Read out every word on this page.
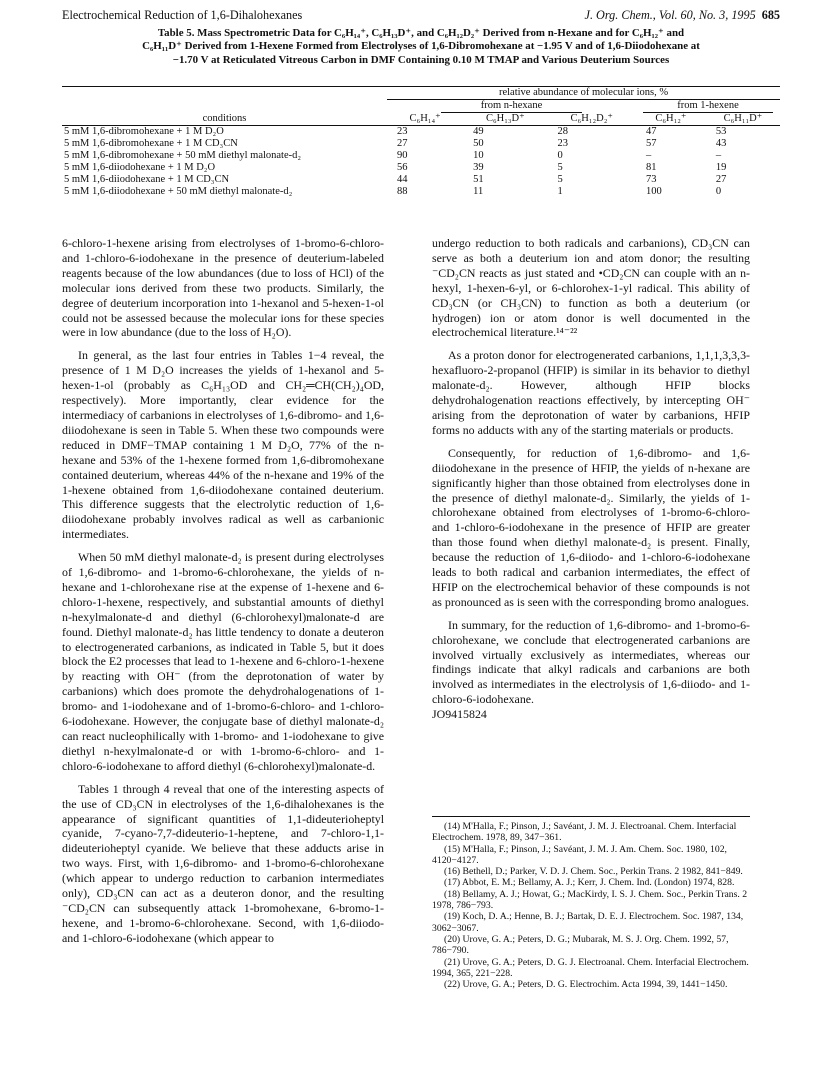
Electrochemical Reduction of 1,6-Dihalohexanes	J. Org. Chem., Vol. 60, No. 3, 1995 685
Table 5. Mass Spectrometric Data for C₆H₁₄⁺, C₆H₁₃D⁺, and C₆H₁₂D₂⁺ Derived from n-Hexane and for C₆H₁₂⁺ and
C₆H₁₁D⁺ Derived from 1-Hexene Formed from Electrolyses of 1,6-Dibromohexane at −1.95 V and of 1,6-Diiodohexane at
−1.70 V at Reticulated Vitreous Carbon in DMF Containing 0.10 M TMAP and Various Deuterium Sources
	relative abundance of molecular ions, %				
	from n-hexane			from 1-hexene	
conditions	C₆H₁₄⁺	C₆H₁₃D⁺	C₆H₁₂D₂⁺	C₆H₁₂⁺	C₆H₁₁D⁺
5 mM 1,6-dibromohexane + 1 M D₂O	23	49	28	47	53
5 mM 1,6-dibromohexane + 1 M CD₃CN	27	50	23	57	43
5 mM 1,6-dibromohexane + 50 mM diethyl malonate-d₂	90	10	0	–	–
5 mM 1,6-diiodohexane + 1 M D₂O	56	39	5	81	19
5 mM 1,6-diiodohexane + 1 M CD₃CN	44	51	5	73	27
5 mM 1,6-diiodohexane + 50 mM diethyl malonate-d₂	88	11	1	100	0

6-chloro-1-hexene arising from electrolyses of 1-bromo-6-chloro- and 1-chloro-6-iodohexane in the presence of deuterium-labeled reagents because of the low abundances (due to loss of HCl) of the molecular ions derived from these two products. Similarly, the degree of deuterium incorporation into 1-hexanol and 5-hexen-1-ol could not be assessed because the molecular ions for these species were in low abundance (due to the loss of H₂O).

In general, as the last four entries in Tables 1−4 reveal, the presence of 1 M D₂O increases the yields of 1-hexanol and 5-hexen-1-ol (probably as C₆H₁₃OD and CH₂═CH(CH₂)₄OD, respectively). More importantly, clear evidence for the intermediacy of carbanions in electrolyses of 1,6-dibromo- and 1,6-diiodohexane is seen in Table 5. When these two compounds were reduced in DMF−TMAP containing 1 M D₂O, 77% of the n-hexane and 53% of the 1-hexene formed from 1,6-dibromohexane contained deuterium, whereas 44% of the n-hexane and 19% of the 1-hexene obtained from 1,6-diiodohexane contained deuterium. This difference suggests that the electrolytic reduction of 1,6-diiodohexane probably involves radical as well as carbanionic intermediates.

When 50 mM diethyl malonate-d₂ is present during electrolyses of 1,6-dibromo- and 1-bromo-6-chlorohexane, the yields of n-hexane and 1-chlorohexane rise at the expense of 1-hexene and 6-chloro-1-hexene, respectively, and substantial amounts of diethyl n-hexylmalonate-d and diethyl (6-chlorohexyl)malonate-d are found. Diethyl malonate-d₂ has little tendency to donate a deuteron to electrogenerated carbanions, as indicated in Table 5, but it does block the E2 processes that lead to 1-hexene and 6-chloro-1-hexene by reacting with OH⁻ (from the deprotonation of water by carbanions) which does promote the dehydrohalogenations of 1-bromo- and 1-iodohexane and of 1-bromo-6-chloro- and 1-chloro-6-iodohexane. However, the conjugate base of diethyl malonate-d₂ can react nucleophilically with 1-bromo- and 1-iodohexane to give diethyl n-hexylmalonate-d or with 1-bromo-6-chloro- and 1-chloro-6-iodohexane to afford diethyl (6-chlorohexyl)malonate-d.

Tables 1 through 4 reveal that one of the interesting aspects of the use of CD₃CN in electrolyses of the 1,6-dihalohexanes is the appearance of significant quantities of 1,1-dideuterioheptyl cyanide, 7-cyano-7,7-dideuterio-1-heptene, and 7-chloro-1,1-dideuterioheptyl cyanide. We believe that these adducts arise in two ways. First, with 1,6-dibromo- and 1-bromo-6-chlorohexane (which appear to undergo reduction to carbanion intermediates only), CD₃CN can act as a deuteron donor, and the resulting ⁻CD₂CN can subsequently attack 1-bromohexane, 6-bromo-1-hexene, and 1-bromo-6-chlorohexane. Second, with 1,6-diiodo- and 1-chloro-6-iodohexane (which appear to

undergo reduction to both radicals and carbanions), CD₃CN can serve as both a deuterium ion and atom donor; the resulting ⁻CD₂CN reacts as just stated and •CD₂CN can couple with an n-hexyl, 1-hexen-6-yl, or 6-chlorohex-1-yl radical. This ability of CD₃CN (or CH₃CN) to function as both a deuterium (or hydrogen) ion or atom donor is well documented in the electrochemical literature.¹⁴⁻²²

As a proton donor for electrogenerated carbanions, 1,1,1,3,3,3-hexafluoro-2-propanol (HFIP) is similar in its behavior to diethyl malonate-d₂. However, although HFIP blocks dehydrohalogenation reactions effectively, by intercepting OH⁻ arising from the deprotonation of water by carbanions, HFIP forms no adducts with any of the starting materials or products.

Consequently, for reduction of 1,6-dibromo- and 1,6-diiodohexane in the presence of HFIP, the yields of n-hexane are significantly higher than those obtained from electrolyses done in the presence of diethyl malonate-d₂. Similarly, the yields of 1-chlorohexane obtained from electrolyses of 1-bromo-6-chloro- and 1-chloro-6-iodohexane in the presence of HFIP are greater than those found when diethyl malonate-d₂ is present. Finally, because the reduction of 1,6-diiodo- and 1-chloro-6-iodohexane leads to both radical and carbanion intermediates, the effect of HFIP on the electrochemical behavior of these compounds is not as pronounced as is seen with the corresponding bromo analogues.

In summary, for the reduction of 1,6-dibromo- and 1-bromo-6-chlorohexane, we conclude that electrogenerated carbanions are involved virtually exclusively as intermediates, whereas our findings indicate that alkyl radicals and carbanions are both involved as intermediates in the electrolysis of 1,6-diiodo- and 1-chloro-6-iodohexane.

JO9415824

(14) M'Halla, F.; Pinson, J.; Savéant, J. M. J. Electroanal. Chem. Interfacial Electrochem. 1978, 89, 347−361.

(15) M'Halla, F.; Pinson, J.; Savéant, J. M. J. Am. Chem. Soc. 1980, 102, 4120−4127.

(16) Bethell, D.; Parker, V. D. J. Chem. Soc., Perkin Trans. 2 1982, 841−849.

(17) Abbot, E. M.; Bellamy, A. J.; Kerr, J. Chem. Ind. (London) 1974, 828.

(18) Bellamy, A. J.; Howat, G.; MacKirdy, I. S. J. Chem. Soc., Perkin Trans. 2 1978, 786−793.

(19) Koch, D. A.; Henne, B. J.; Bartak, D. E. J. Electrochem. Soc. 1987, 134, 3062−3067.

(20) Urove, G. A.; Peters, D. G.; Mubarak, M. S. J. Org. Chem. 1992, 57, 786−790.

(21) Urove, G. A.; Peters, D. G. J. Electroanal. Chem. Interfacial Electrochem. 1994, 365, 221−228.

(22) Urove, G. A.; Peters, D. G. Electrochim. Acta 1994, 39, 1441−1450.
